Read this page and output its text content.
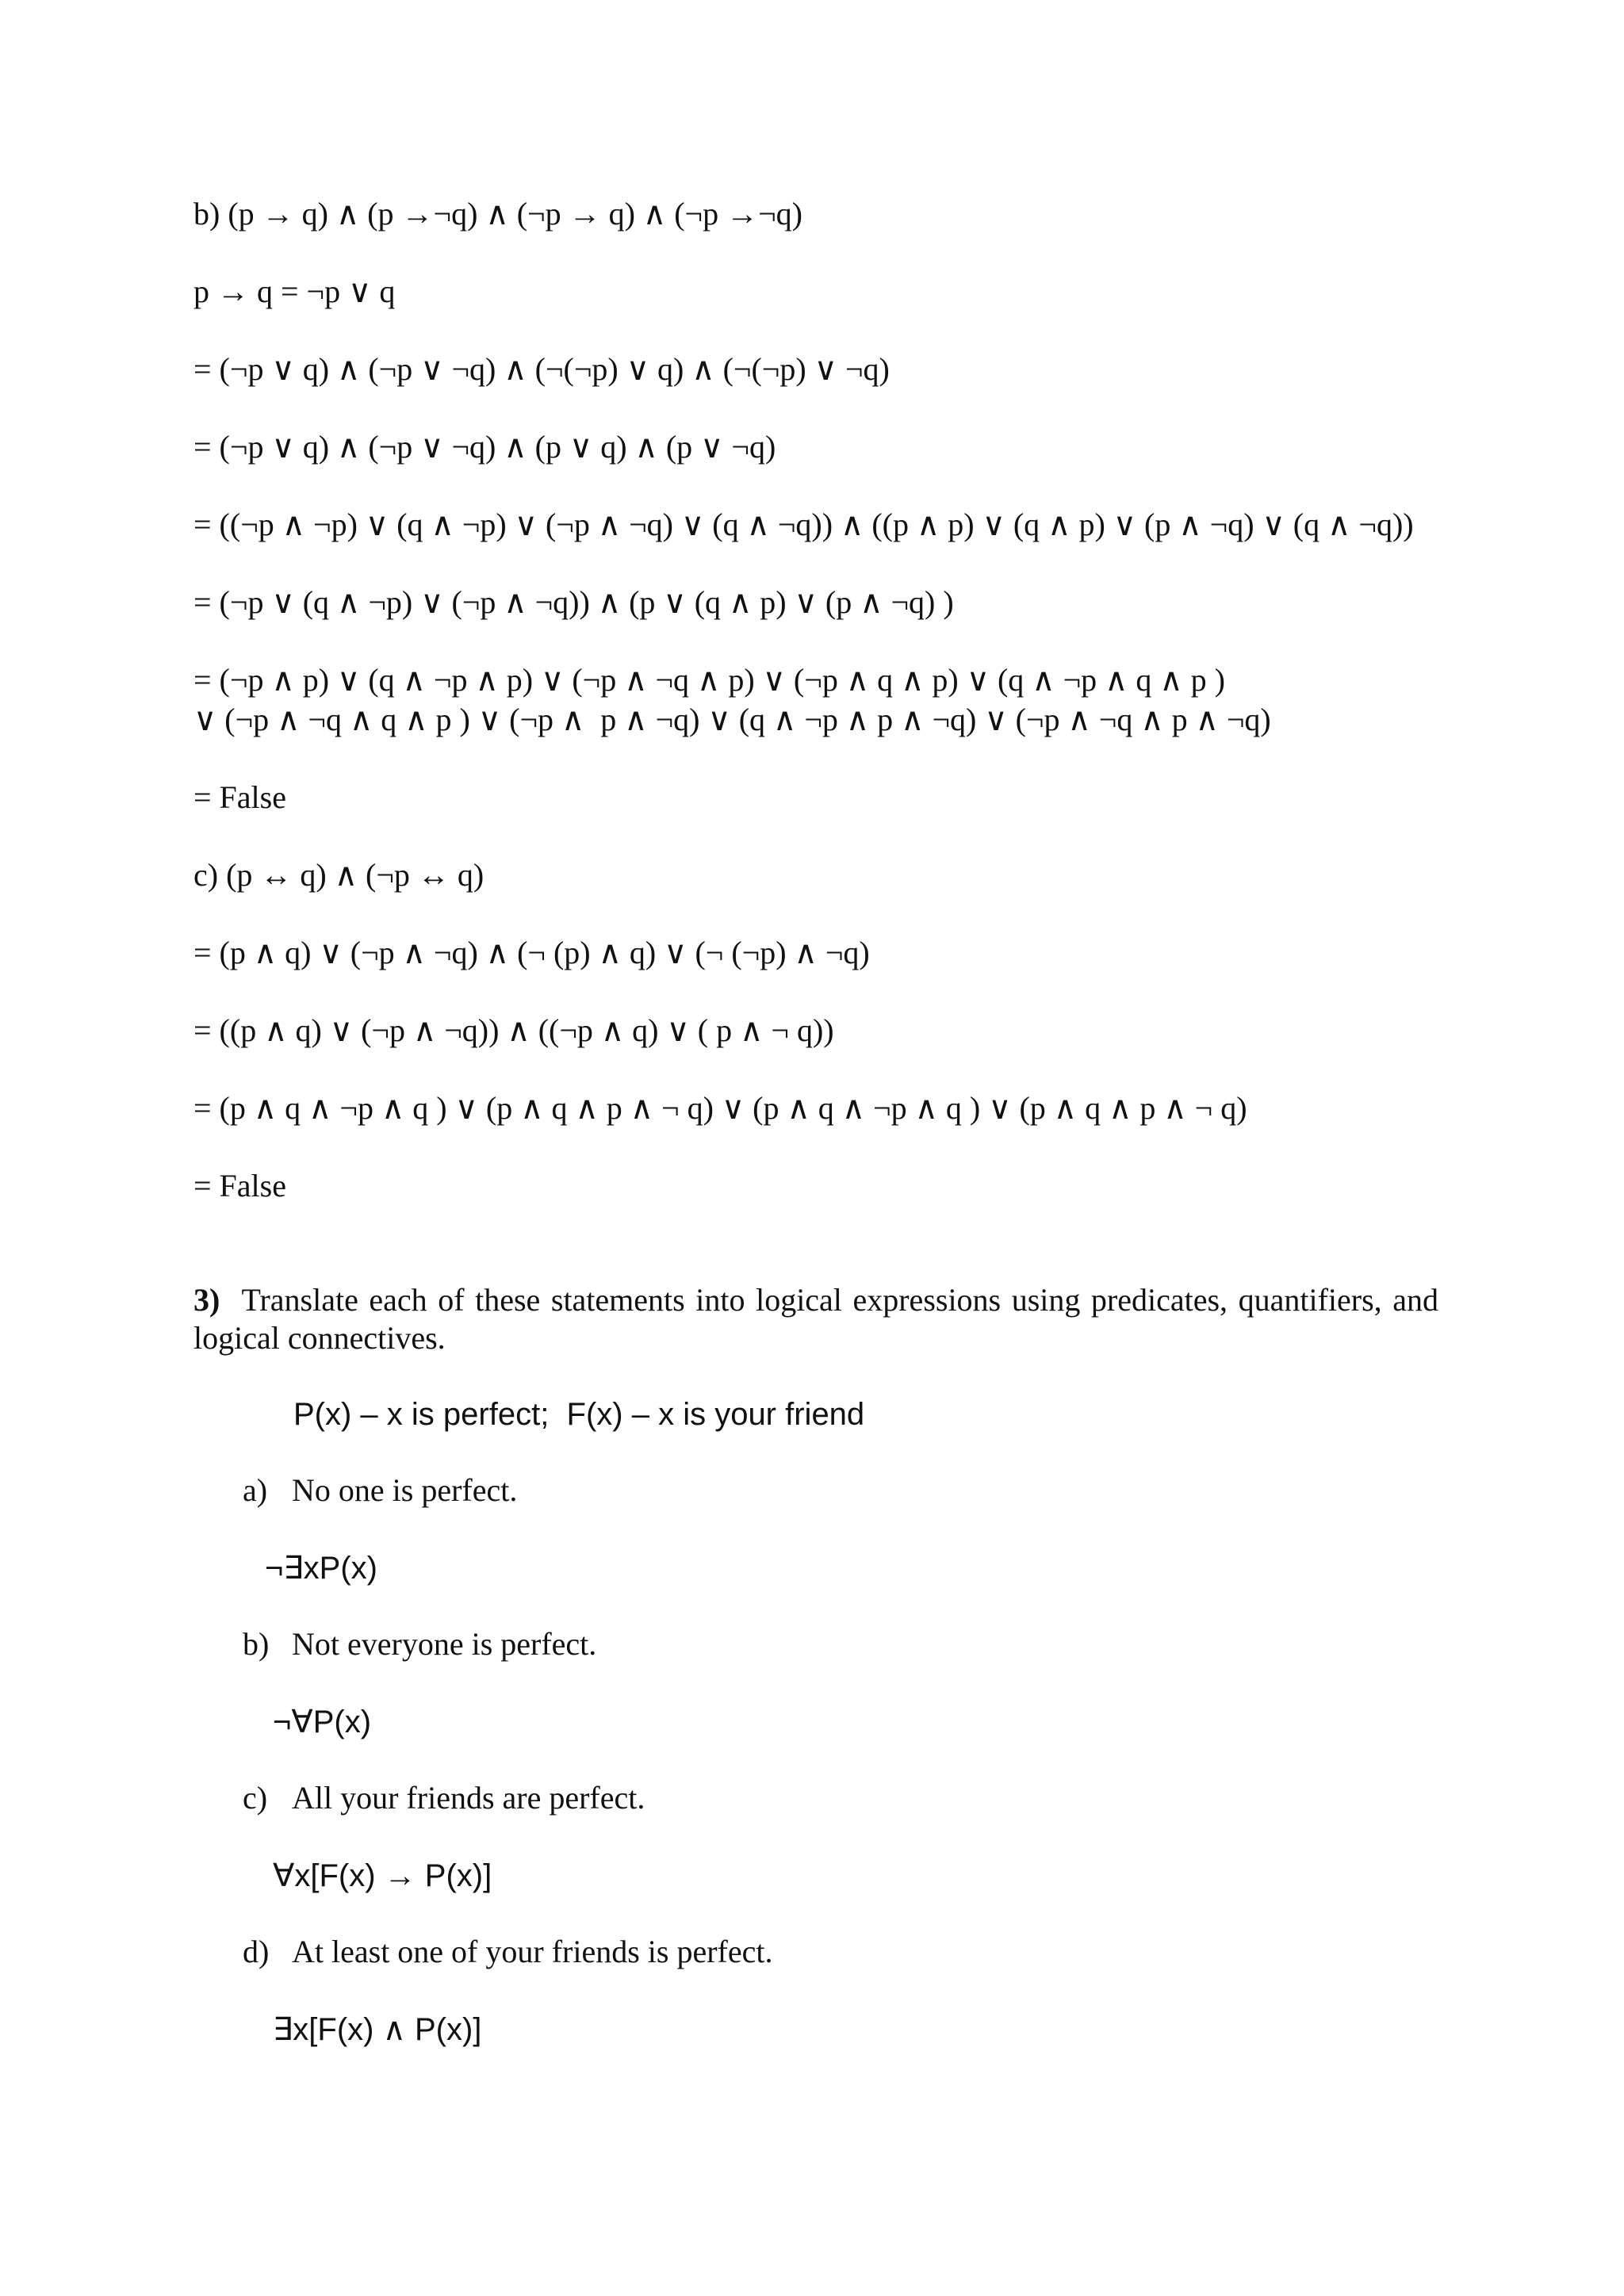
b) (p → q) ∧ (p →¬q) ∧ (¬p → q) ∧ (¬p →¬q)
p → q = ¬p ∨ q
= (¬p ∨ q) ∧ (¬p ∨ ¬q) ∧ (¬(¬p) ∨ q) ∧ (¬(¬p) ∨ ¬q)
= (¬p ∨ q) ∧ (¬p ∨ ¬q) ∧ (p ∨ q) ∧ (p ∨ ¬q)
= ((¬p ∧ ¬p) ∨ (q ∧ ¬p) ∨ (¬p ∧ ¬q) ∨ (q ∧ ¬q)) ∧ ((p ∧ p) ∨ (q ∧ p) ∨ (p ∧ ¬q) ∨ (q ∧ ¬q))
= (¬p ∨ (q ∧ ¬p) ∨ (¬p ∧ ¬q)) ∧ (p ∨ (q ∧ p) ∨ (p ∧ ¬q) )
= (¬p ∧ p) ∨ (q ∧ ¬p ∧ p) ∨ (¬p ∧ ¬q ∧ p) ∨ (¬p ∧ q ∧ p) ∨ (q ∧ ¬p ∧ q ∧ p )
∨ (¬p ∧ ¬q ∧ q ∧ p ) ∨ (¬p ∧  p ∧ ¬q) ∨ (q ∧ ¬p ∧ p ∧ ¬q) ∨ (¬p ∧ ¬q ∧ p ∧ ¬q)
= False
c) (p ↔ q) ∧ (¬p ↔ q)
= (p ∧ q) ∨ (¬p ∧ ¬q) ∧ (¬ (p) ∧ q) ∨ (¬ (¬p) ∧ ¬q)
= ((p ∧ q) ∨ (¬p ∧ ¬q)) ∧ ((¬p ∧ q) ∨ ( p ∧ ¬ q))
= (p ∧ q ∧ ¬p ∧ q ) ∨ (p ∧ q ∧ p ∧ ¬ q) ∨ (p ∧ q ∧ ¬p ∧ q ) ∨ (p ∧ q ∧ p ∧ ¬ q)
= False
3) Translate each of these statements into logical expressions using predicates, quantifiers, and logical connectives.
P(x) – x is perfect;  F(x) – x is your friend
a) No one is perfect.
¬∃xP(x)
b) Not everyone is perfect.
¬∀P(x)
c) All your friends are perfect.
∀x[F(x) → P(x)]
d) At least one of your friends is perfect.
∃x[F(x) ∧ P(x)]
